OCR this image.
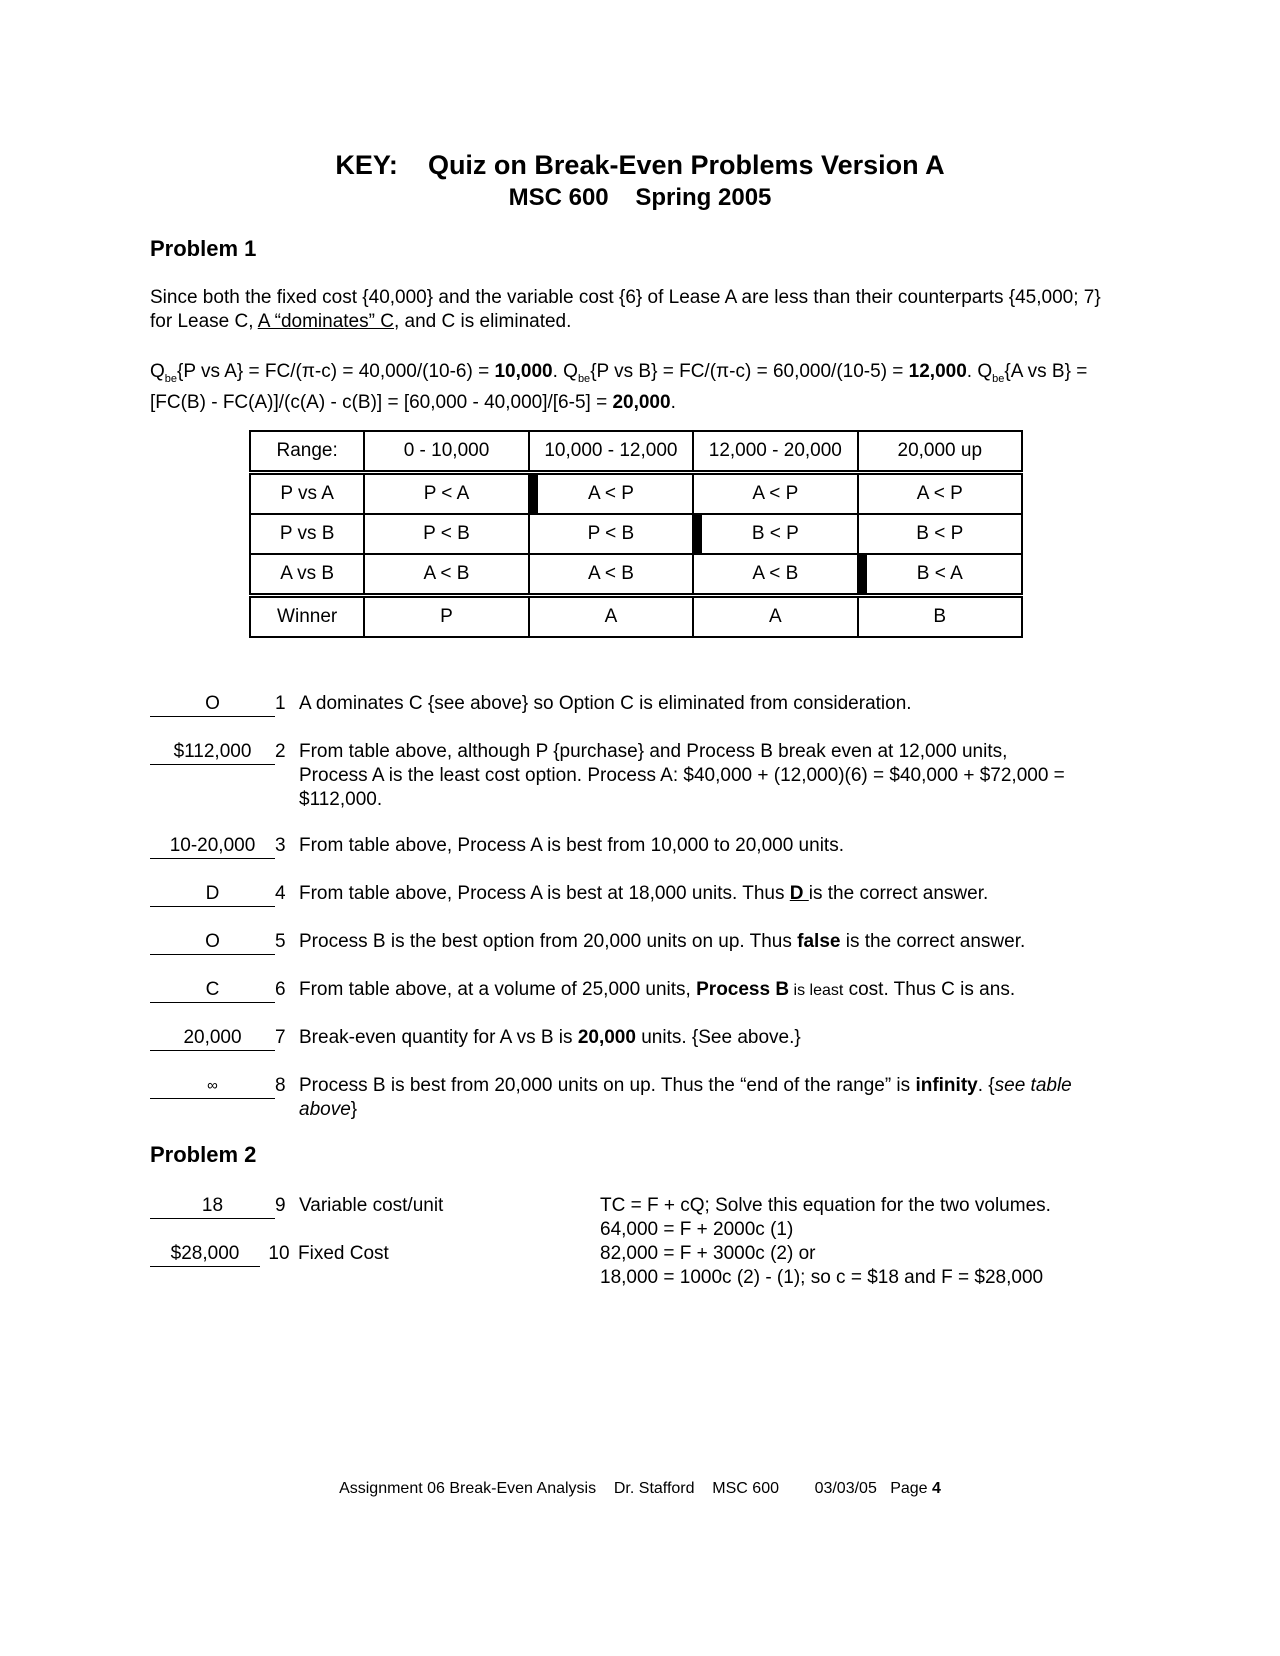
KEY: Quiz on Break-Even Problems Version A
MSC 600 Spring 2005
Problem 1
Since both the fixed cost {40,000} and the variable cost {6} of Lease A are less than their counterparts {45,000; 7} for Lease C, A “dominates” C, and C is eliminated.
$Q_{be}\{P$ vs A} = FC/(π-c) = 40,000/(10-6) = 10,000. $Q_{be}\{P$ vs B} = FC/(π-c) = 60,000/(10-5) = 12,000. $Q_{be}\{A$ vs B} = [FC(B) - FC(A)]/(c(A) - c(B)] = [60,000 - 40,000]/[6-5] = 20,000.
Range:	0 - 10,000	10,000 - 12,000	12,000 - 20,000	20,000 up
P vs A	P < A	A < P	A < P	A < P
P vs B	P < B	P < B	B < P	B < P
A vs B	A < B	A < B	A < B	B < A
Winner	P	A	A	B
O	1 A dominates C {see above} so Option C is eliminated from consideration.
$112,000 2 From table above, although P {purchase} and Process B break even at 12,000 units, Process A is the least cost option. Process A: $40,000 + (12,000)(6) = $40,000 + $72,000 = $112,000.
10-20,000 3 From table above, Process A is best from 10,000 to 20,000 units.
D	4 From table above, Process A is best at 18,000 units. Thus D is the correct answer.
O	5 Process B is the best option from 20,000 units on up. Thus false is the correct answer.
C	6 From table above, at a volume of 25,000 units, Process B is least cost. Thus C is ans.
20,000 7 Break-even quantity for A vs B is 20,000 units. {See above.}
∞	8 Process B is best from 20,000 units on up. Thus the “end of the range” is infinity. {see table above}
Problem 2
18	9 Variable cost/unit
$28,000 10 Fixed Cost
TC = F + cQ; Solve this equation for the two volumes.
64,000 = F + 2000c (1)
82,000 = F + 3000c (2) or
18,000 = 1000c (2) - (1); so c = $18 and F = $28,000
Assignment 06 Break-Even Analysis Dr. Stafford MSC 600 03/03/05 Page 4
